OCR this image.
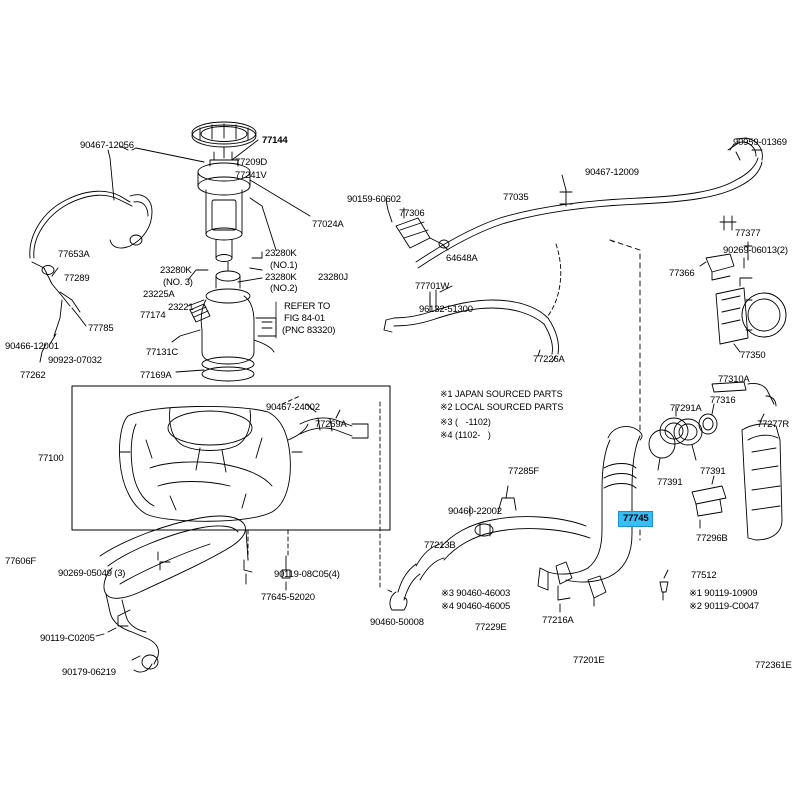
90467-12056	77144
77209D
77241V
77024A
77653A
77289
23280K
23225A
23221
77174
77785
90466-12001
90923-07032
77262
77131C
77169A
23280K
(NO.1)
23280K
(NO.2)
(NO. 3)	23280J
90159-60602
77306
64648A
77701W
96132-51300
77226A
77035
90467-12009
90959-01369
77377
90269-06013(2)
77366
77350
77310A
77291A
77316
77277R
77391
77391
77512
77296B
※1 90119-10909
※2 90119-C0047
90467-24002
77269A
77100
77285F
90460-22002
77213B
90460-50008
※3 90460-46003
※4 90460-46005
77229E
77216A
77201E
77606F
90269-05049 (3)	90119-08C05(4)
77645-52020
90119-C0205
90179-06219
※1 JAPAN SOURCED PARTS
※2 LOCAL SOURCED PARTS
※3 (   -1102)
※4 (1102-   )
REFER TO
FIG 84-01
(PNC 83320)
77745
772361E
